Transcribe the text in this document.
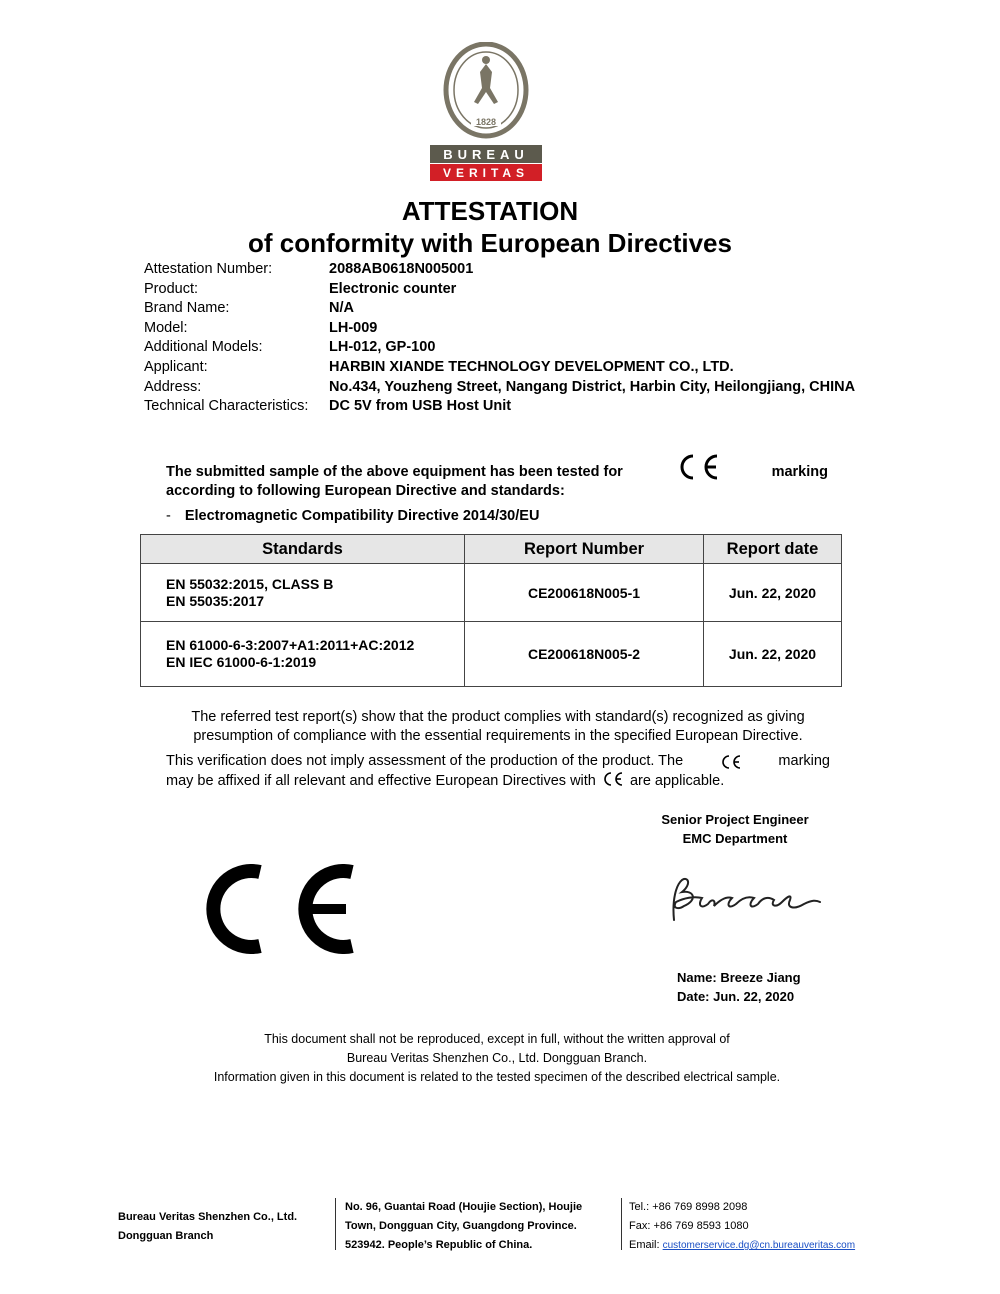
1828
BUREAU
VERITAS
ATTESTATION
of conformity with European Directives
Attestation Number:	2088AB0618N005001
Product:	Electronic counter
Brand Name:	N/A
Model:	LH-009
Additional Models:	LH-012, GP-100
Applicant:	HARBIN XIANDE TECHNOLOGY DEVELOPMENT CO., LTD.
Address:	No.434, Youzheng Street, Nangang District, Harbin City, Heilongjiang, CHINA
Technical Characteristics:	DC 5V from USB Host Unit
The submitted sample of the above equipment has been tested for	marking
according to following European Directive and standards:
- Electromagnetic Compatibility Directive 2014/30/EU
Standards	Report Number	Report date

EN 55032:2015, CLASS B
EN 55035:2017	CE200618N005-1	Jun. 22, 2020

EN 61000-6-3:2007+A1:2011+AC:2012
EN IEC 61000-6-1:2019	CE200618N005-2	Jun. 22, 2020
The referred test report(s) show that the product complies with standard(s) recognized as giving
presumption of compliance with the essential requirements in the specified European Directive.
This verification does not imply assessment of the production of the product. The	marking
may be affixed if all relevant and effective European Directives with are applicable.
Senior Project Engineer
EMC Department
Name: Breeze Jiang
Date: Jun. 22, 2020
This document shall not be reproduced, except in full, without the written approval of
Bureau Veritas Shenzhen Co., Ltd. Dongguan Branch.
Information given in this document is related to the tested specimen of the described electrical sample.
Bureau Veritas Shenzhen Co., Ltd.
Dongguan Branch
No. 96, Guantai Road (Houjie Section), Houjie
Town, Dongguan City, Guangdong Province.
523942. People’s Republic of China.
Tel.: +86 769 8998 2098
Fax: +86 769 8593 1080
Email: customerservice.dg@cn.bureauveritas.com
